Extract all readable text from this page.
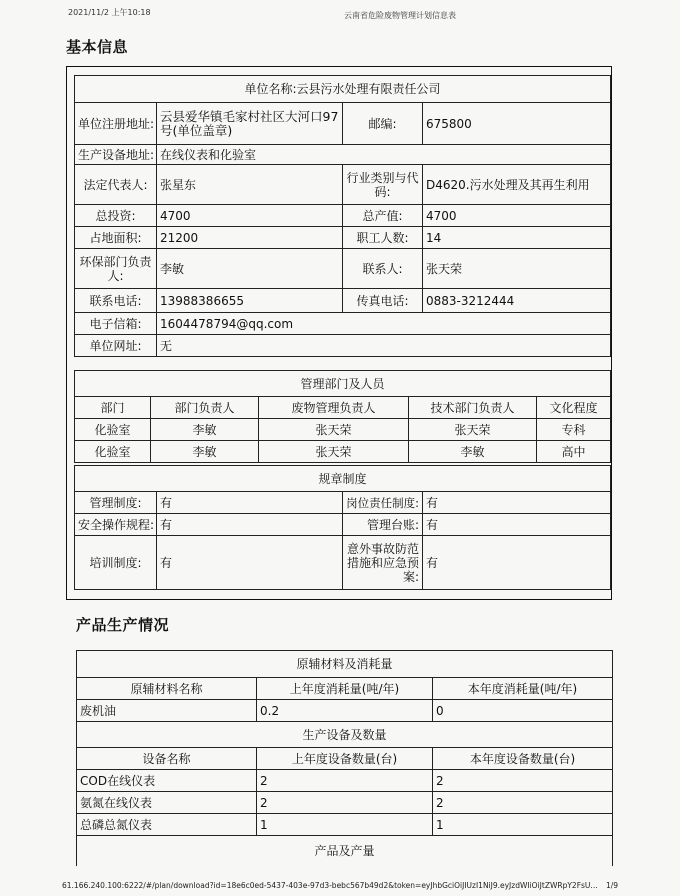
2021/11/2 上午10:18	云南省危险废物管理计划信息表
基本信息
单位名称:云县污水处理有限责任公司			
单位注册地址:	云县爱华镇毛家村社区大河口97号(单位盖章)	邮编:	675800
生产设备地址:	在线仪表和化验室		
法定代表人:	张星东	行业类别与代码:	D4620.污水处理及其再生利用
总投资:	4700	总产值:	4700
占地面积:	21200	职工人数:	14
环保部门负责人:	李敏	联系人:	张天荣
联系电话:	13988386655	传真电话:	0883-3212444
电子信箱:	1604478794@qq.com		
单位网址:	无		
管理部门及人员				
部门	部门负责人	废物管理负责人	技术部门负责人	文化程度
化验室	李敏	张天荣	张天荣	专科
化验室	李敏	张天荣	李敏	高中
规章制度			
管理制度:	有	岗位责任制度:	有
安全操作规程:	有	管理台账:	有
培训制度:	有	意外事故防范措施和应急预案:	有
产品生产情况
原辅材料及消耗量		
原辅材料名称	上年度消耗量(吨/年)	本年度消耗量(吨/年)
废机油	0.2	0
生产设备及数量		
设备名称	上年度设备数量(台)	本年度设备数量(台)
COD在线仪表	2	2
氨氮在线仪表	2	2
总磷总氮仪表	1	1
产品及产量		
61.166.240.100:6222/#/plan/download?id=18e6c0ed-5437-403e-97d3-bebc567b49d2&token=eyJhbGciOiJIUzI1NiJ9.eyJzdWIiOiJtZWRpY2FsU3...	1/9
